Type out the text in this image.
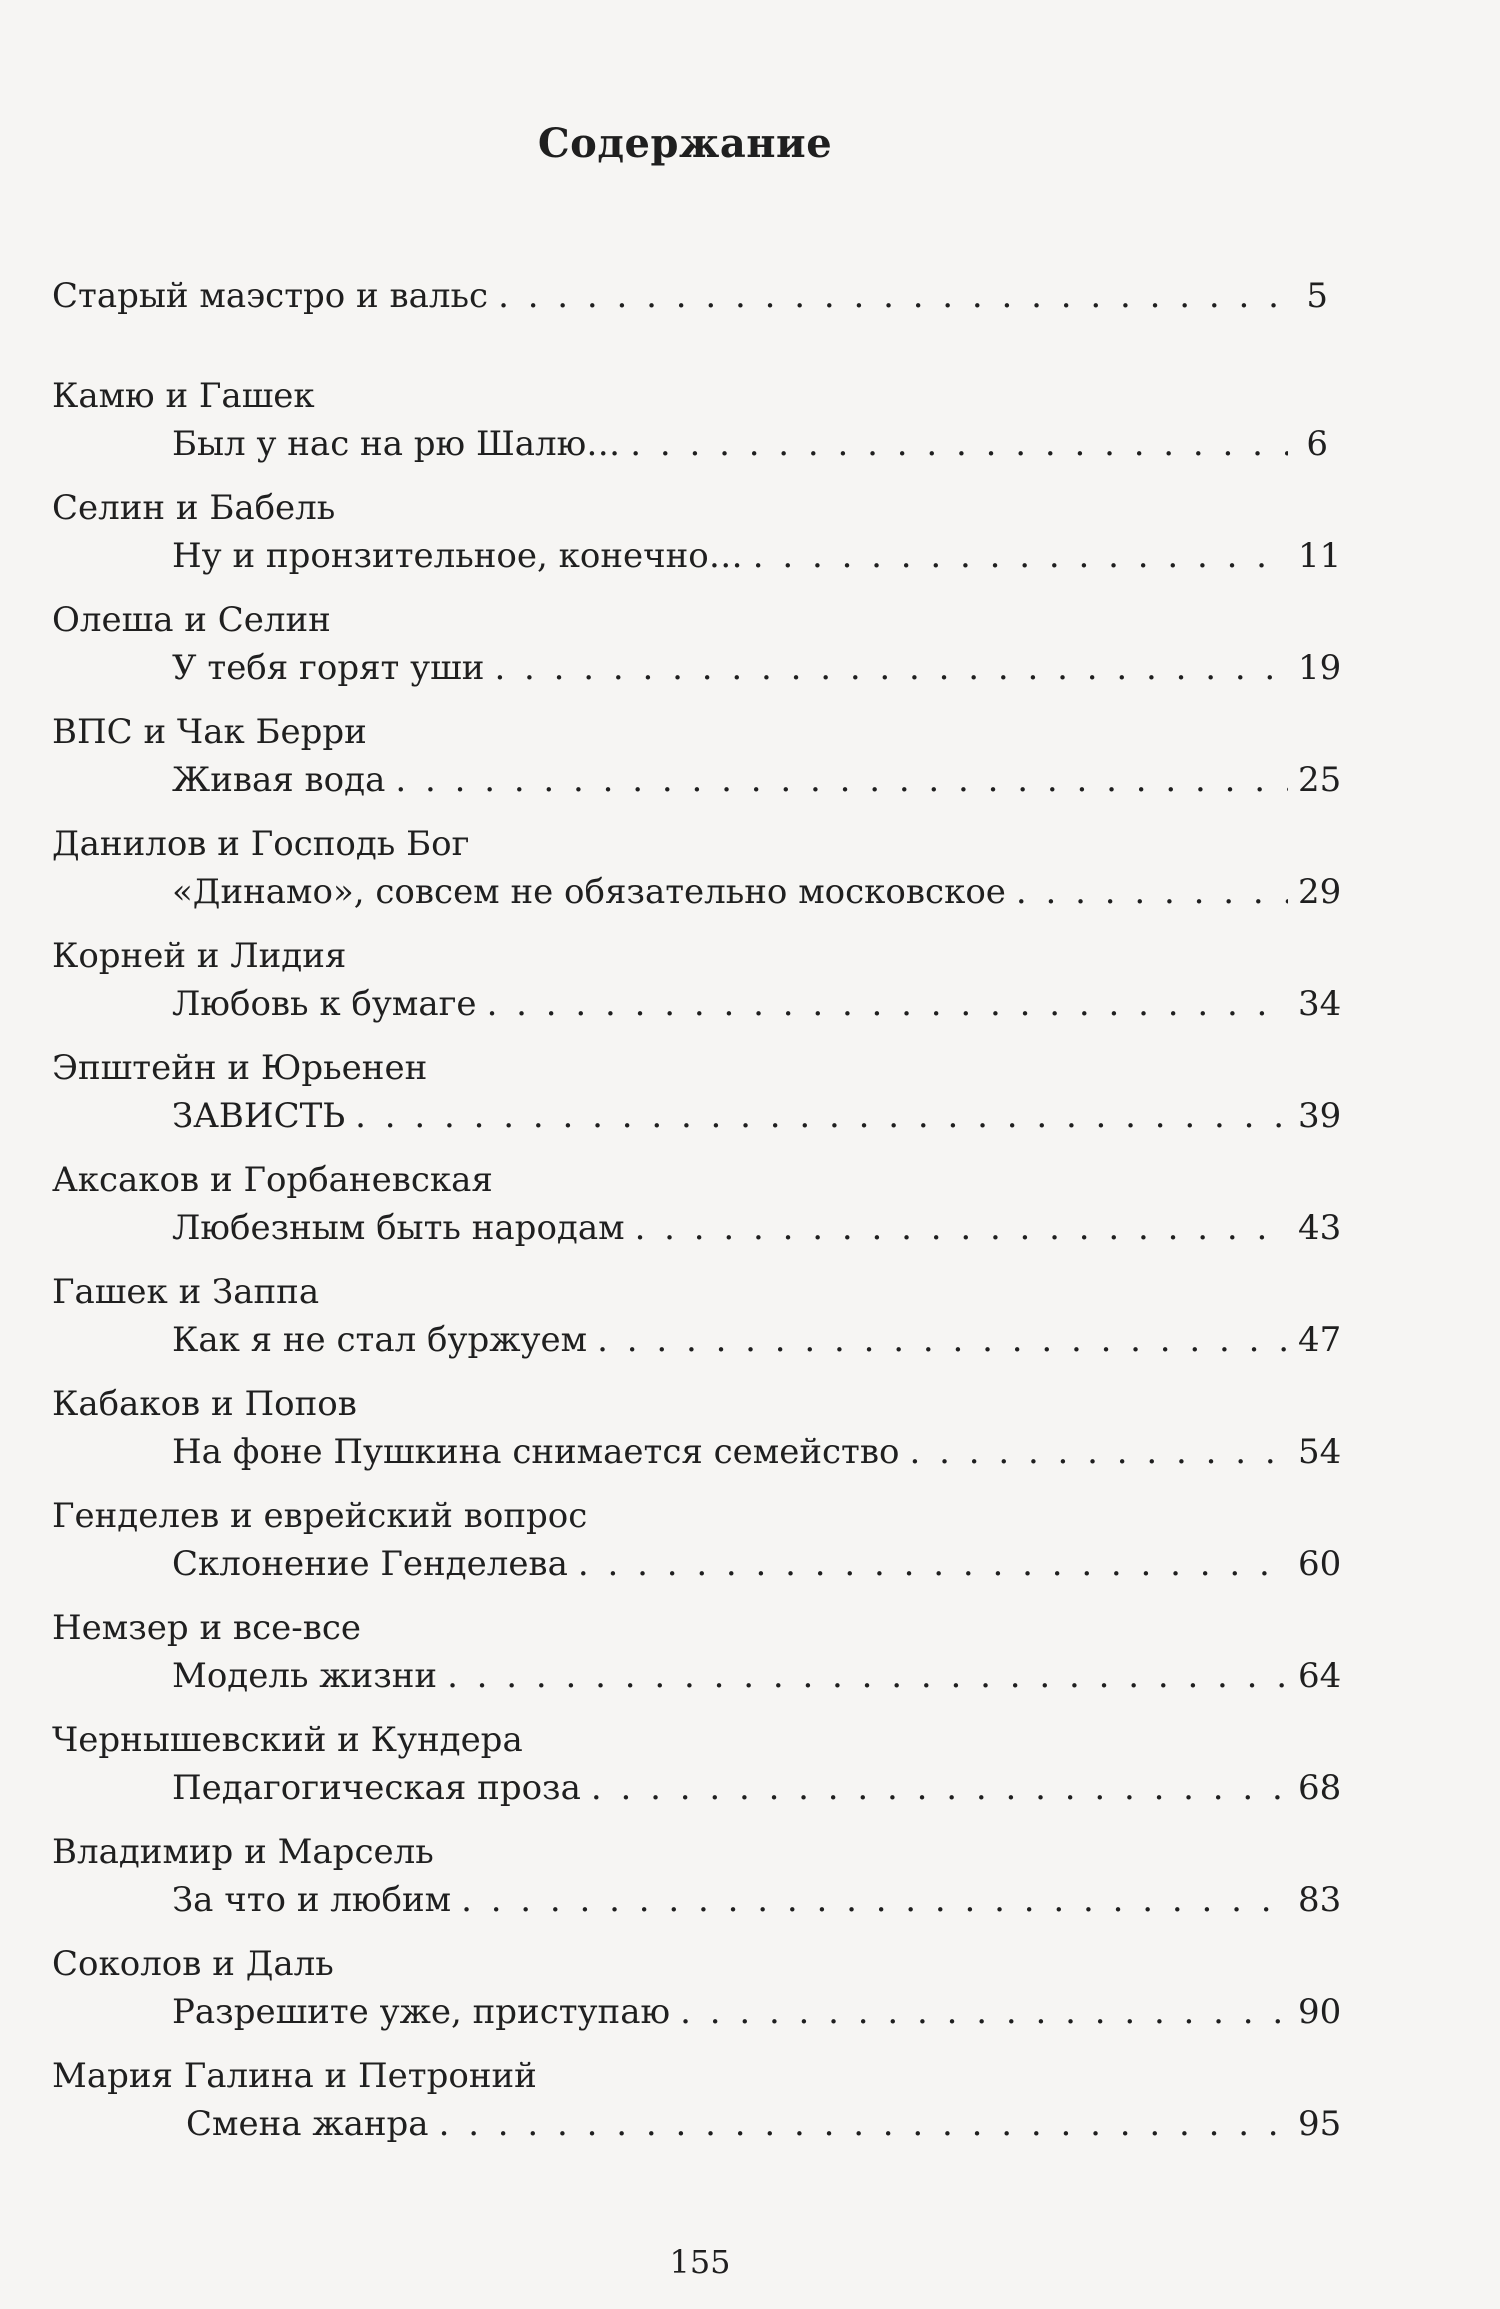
Содержание
Старый маэстро и вальс . . .	5
Камю и Гашек
Был у нас на рю Шалю… . . .	6
Селин и Бабель
Ну и пронзительное, конечно… . . .	11
Олеша и Селин
У тебя горят уши . . .	19
ВПС и Чак Берри
Живая вода . . .	25
Данилов и Господь Бог
«Динамо», совсем не обязательно московское . . .	29
Корней и Лидия
Любовь к бумаге . . .	34
Эпштейн и Юрьенен
ЗАВИСТЬ . . .	39
Аксаков и Горбаневская
Любезным быть народам . . .	43
Гашек и Заппа
Как я не стал буржуем . . .	47
Кабаков и Попов
На фоне Пушкина снимается семейство . . .	54
Генделев и еврейский вопрос
Склонение Генделева . . .	60
Немзер и все-все
Модель жизни . . .	64
Чернышевский и Кундера
Педагогическая проза . . .	68
Владимир и Марсель
За что и любим . . .	83
Соколов и Даль
Разрешите уже, приступаю . . .	90
Мария Галина и Петроний
Смена жанра . . .	95
155
